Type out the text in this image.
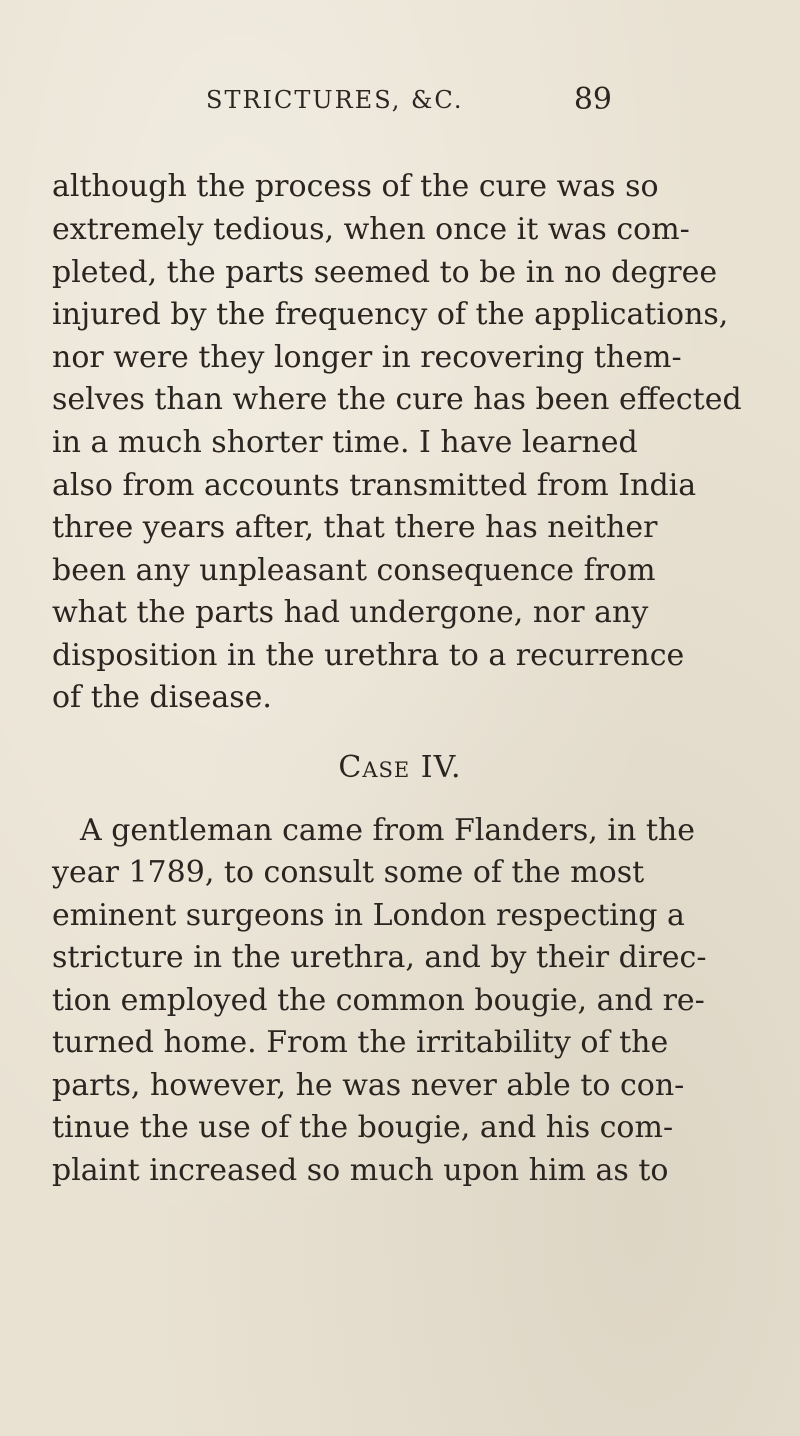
STRICTURES, &C.	89
although the process of the cure was so
extremely tedious, when once it was com-
pleted, the parts seemed to be in no degree
injured by the frequency of the applications,
nor were they longer in recovering them-
selves than where the cure has been effected
in a much shorter time. I have learned
also from accounts transmitted from India
three years after, that there has neither
been any unpleasant consequence from
what the parts had undergone, nor any
disposition in the urethra to a recurrence
of the disease.
Case IV.
A gentleman came from Flanders, in the
year 1789, to consult some of the most
eminent surgeons in London respecting a
stricture in the urethra, and by their direc-
tion employed the common bougie, and re-
turned home. From the irritability of the
parts, however, he was never able to con-
tinue the use of the bougie, and his com-
plaint increased so much upon him as to
